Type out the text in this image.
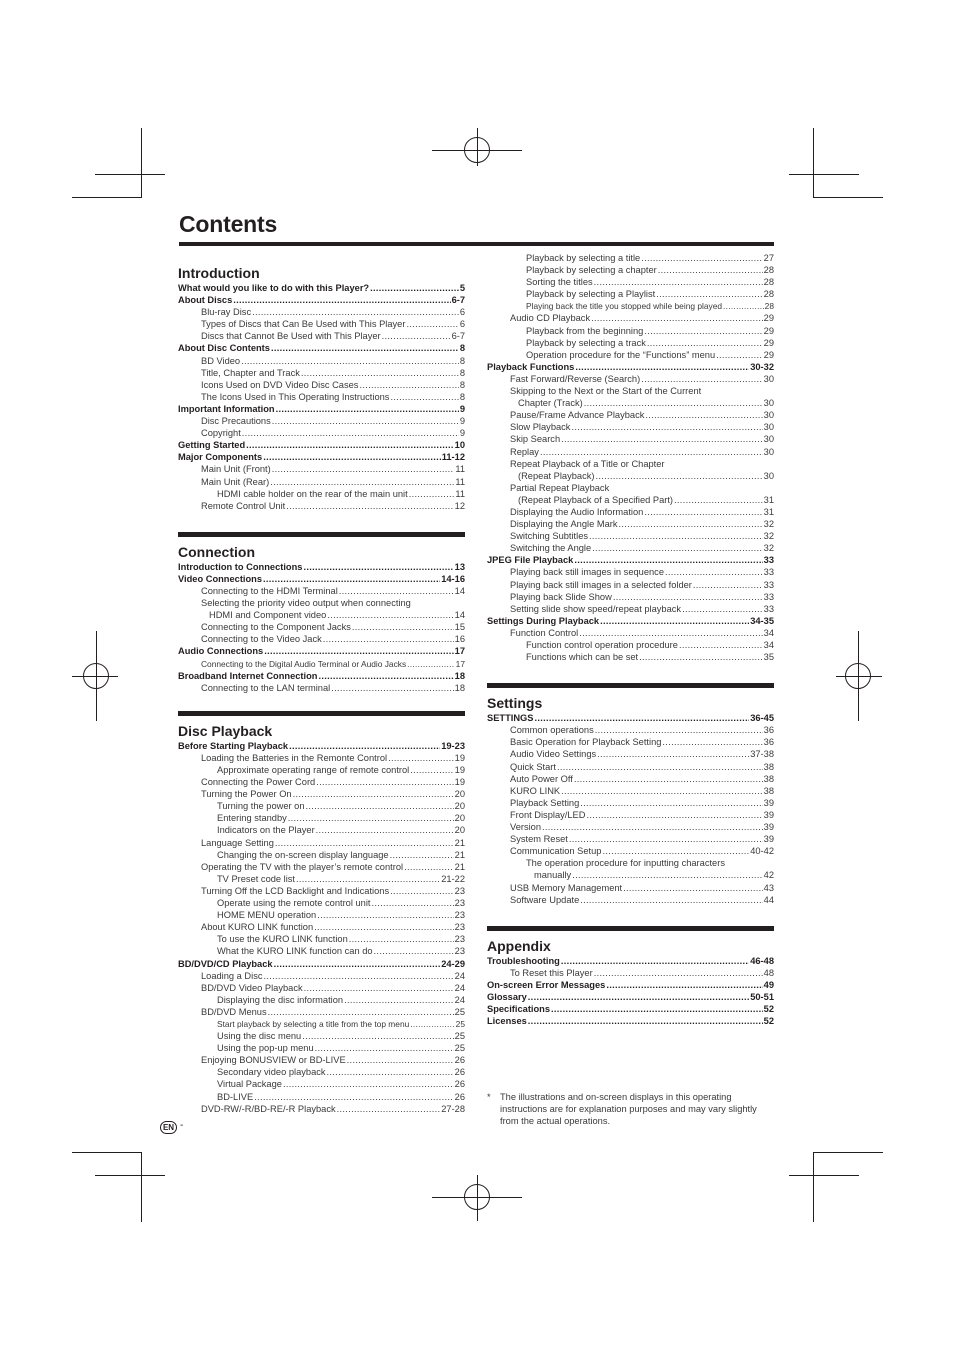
Contents
Introduction
What would you like to do with this Player? .....	5
About Discs .....	6-7
Blu-ray Disc .....	6
Types of Discs that Can Be Used with This Player .....	6
Discs that Cannot Be Used with This Player .....	6-7
About Disc Contents .....	8
BD Video .....	8
Title, Chapter and Track .....	8
Icons Used on DVD Video Disc Cases .....	8
The Icons Used in This Operating Instructions .....	8
Important Information .....	9
Disc Precautions .....	9
Copyright .....	9
Getting Started .....	10
Major Components .....	11-12
Main Unit (Front) .....	11
Main Unit (Rear) .....	11
HDMI cable holder on the rear of the main unit .....	11
Remote Control Unit .....	12
Connection
Introduction to Connections .....	13
Video Connections .....	14-16
Connecting to the HDMI Terminal .....	14
Selecting the priority video output when connecting
HDMI and Component video .....	14
Connecting to the Component Jacks .....	15
Connecting to the Video Jack .....	16
Audio Connections .....	17
Connecting to the Digital Audio Terminal or Audio Jacks .....	17
Broadband Internet Connection .....	18
Connecting to the LAN terminal .....	18
Disc Playback
Before Starting Playback .....	19-23
Loading the Batteries in the Remonte Control .....	19
Approximate operating range of remote control .....	19
Connecting the Power Cord .....	19
Turning the Power On .....	20
Turning the power on .....	20
Entering standby .....	20
Indicators on the Player .....	20
Language Setting .....	21
Changing the on-screen display language .....	21
Operating the TV with the player’s remote control .....	21
TV Preset code list .....	21-22
Turning Off the LCD Backlight and Indications .....	23
Operate using the remote control unit .....	23
HOME MENU operation .....	23
About KURO LINK function .....	23
To use the KURO LINK function .....	23
What the KURO LINK function can do .....	23
BD/DVD/CD Playback .....	24-29
Loading a Disc .....	24
BD/DVD Video Playback .....	24
Displaying the disc information .....	24
BD/DVD Menus .....	25
Start playback by selecting a title from the top menu .....	25
Using the disc menu .....	25
Using the pop-up menu .....	25
Enjoying BONUSVIEW or BD-LIVE .....	26
Secondary video playback .....	26
Virtual Package .....	26
BD-LIVE .....	26
DVD-RW/-R/BD-RE/-R Playback .....	27-28
Playback by selecting a title .....	27
Playback by selecting a chapter .....	28
Sorting the titles .....	28
Playback by selecting a Playlist .....	28
Playing back the title you stopped while being played .....	28
Audio CD Playback .....	29
Playback from the beginning .....	29
Playback by selecting a track .....	29
Operation procedure for the “Functions” menu .....	29
Playback Functions .....	30-32
Fast Forward/Reverse (Search) .....	30
Skipping to the Next or the Start of the Current
Chapter (Track) .....	30
Pause/Frame Advance Playback .....	30
Slow Playback .....	30
Skip Search .....	30
Replay .....	30
Repeat Playback of a Title or Chapter
(Repeat Playback) .....	30
Partial Repeat Playback
(Repeat Playback of a Specified Part) .....	31
Displaying the Audio Information .....	31
Displaying the Angle Mark .....	32
Switching Subtitles .....	32
Switching the Angle .....	32
JPEG File Playback .....	33
Playing back still images in sequence .....	33
Playing back still images in a selected folder .....	33
Playing back Slide Show .....	33
Setting slide show speed/repeat playback .....	33
Settings During Playback .....	34-35
Function Control .....	34
Function control operation procedure .....	34
Functions which can be set .....	35
Settings
SETTINGS .....	36-45
Common operations .....	36
Basic Operation for Playback Setting .....	36
Audio Video Settings .....	37-38
Quick Start .....	38
Auto Power Off .....	38
KURO LINK .....	38
Playback Setting .....	39
Front Display/LED .....	39
Version .....	39
System Reset .....	39
Communication Setup .....	40-42
The operation procedure for inputting characters
manually .....	42
USB Memory Management .....	43
Software Update .....	44
Appendix
Troubleshooting .....	46-48
To Reset this Player .....	48
On-screen Error Messages .....	49
Glossary .....	50-51
Specifications .....	52
Licenses .....	52
*	The illustrations and on-screen displays in this operating instructions are for explanation purposes and may vary slightly from the actual operations.
EN -
